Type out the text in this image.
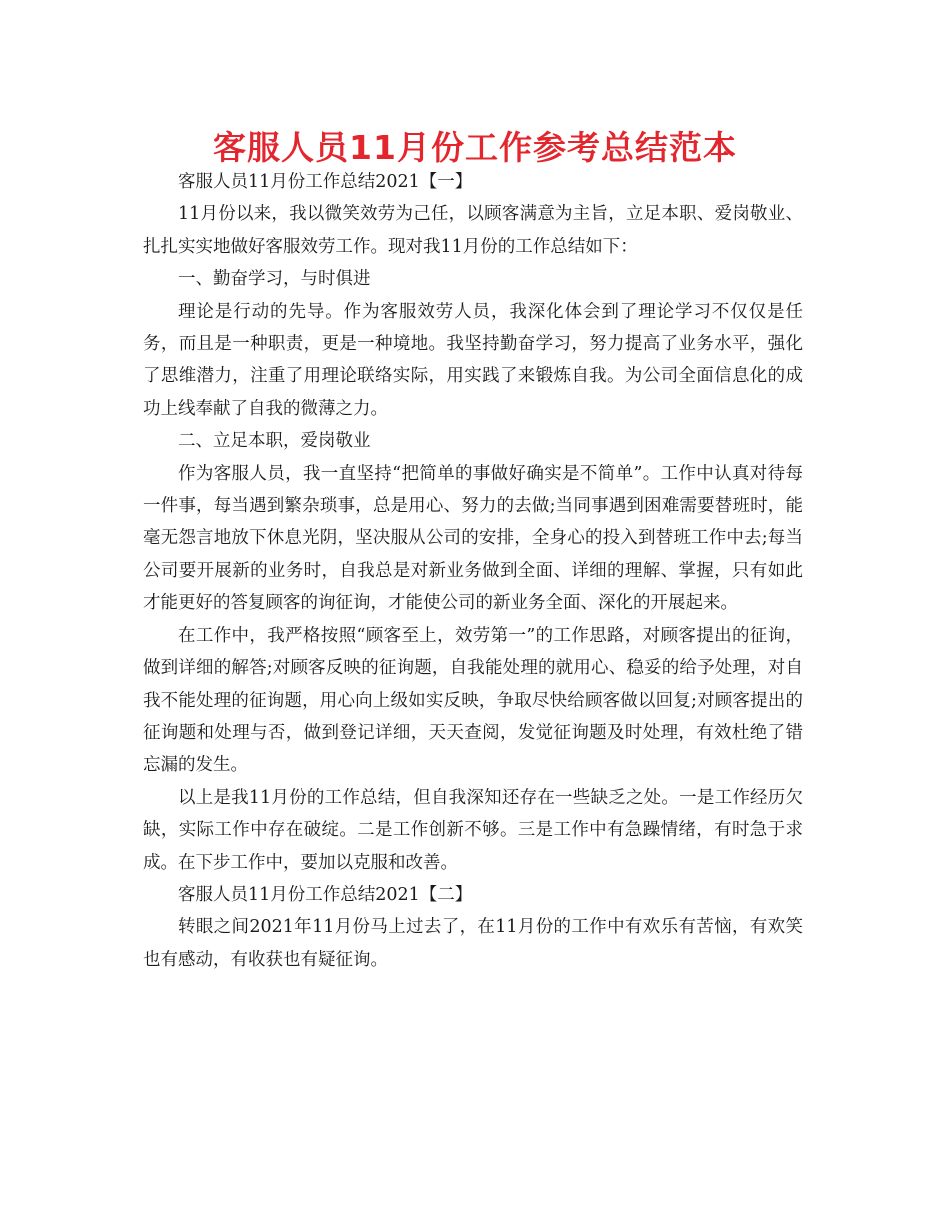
客服人员11月份工作参考总结范本

客服人员11月份工作总结2021【一】

11月份以来，我以微笑效劳为己任，以顾客满意为主旨，立足本职、爱岗敬业、扎扎实实地做好客服效劳工作。现对我11月份的工作总结如下：

一、勤奋学习，与时俱进

理论是行动的先导。作为客服效劳人员，我深化体会到了理论学习不仅仅是任务，而且是一种职责，更是一种境地。我坚持勤奋学习，努力提高了业务水平，强化了思维潜力，注重了用理论联络实际，用实践了来锻炼自我。为公司全面信息化的成功上线奉献了自我的微薄之力。

二、立足本职，爱岗敬业

作为客服人员，我一直坚持“把简单的事做好确实是不简单”。工作中认真对待每一件事，每当遇到繁杂琐事，总是用心、努力的去做;当同事遇到困难需要替班时，能毫无怨言地放下休息光阴，坚决服从公司的安排，全身心的投入到替班工作中去;每当公司要开展新的业务时，自我总是对新业务做到全面、详细的理解、掌握，只有如此才能更好的答复顾客的询征询，才能使公司的新业务全面、深化的开展起来。

在工作中，我严格按照“顾客至上，效劳第一”的工作思路，对顾客提出的征询，做到详细的解答;对顾客反映的征询题，自我能处理的就用心、稳妥的给予处理，对自我不能处理的征询题，用心向上级如实反映，争取尽快给顾客做以回复;对顾客提出的征询题和处理与否，做到登记详细，天天查阅，发觉征询题及时处理，有效杜绝了错忘漏的发生。

以上是我11月份的工作总结，但自我深知还存在一些缺乏之处。一是工作经历欠缺，实际工作中存在破绽。二是工作创新不够。三是工作中有急躁情绪，有时急于求成。在下步工作中，要加以克服和改善。

客服人员11月份工作总结2021【二】

转眼之间2021年11月份马上过去了，在11月份的工作中有欢乐有苦恼，有欢笑也有感动，有收获也有疑征询。
